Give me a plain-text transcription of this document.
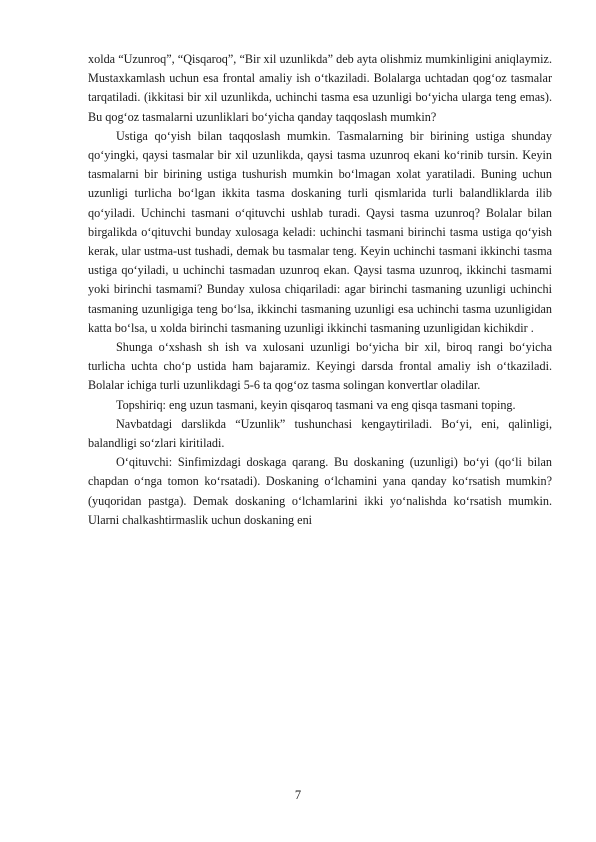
xolda “Uzunroq”, “Qisqaroq”, “Bir xil uzunlikda” deb ayta olishmiz mumkinligini aniqlaymiz. Mustaxkamlash uchun esa frontal amaliy ish o‘tkaziladi. Bolalarga uchtadan qog‘oz tasmalar tarqatiladi. (ikkitasi bir xil uzunlikda, uchinchi tasma esa uzunligi bo‘yicha ularga teng emas). Bu qog‘oz tasmalarni uzunliklari bo‘yicha qanday taqqoslash mumkin?

Ustiga qo‘yish bilan taqqoslash mumkin. Tasmalarning bir birining ustiga shunday qo‘yingki, qaysi tasmalar bir xil uzunlikda, qaysi tasma uzunroq ekani ko‘rinib tursin. Keyin tasmalarni bir birining ustiga tushurish mumkin bo‘lmagan xolat yaratiladi. Buning uchun uzunligi turlicha bo‘lgan ikkita tasma doskaning turli qismlarida turli balandliklarda ilib qo‘yiladi. Uchinchi tasmani o‘qituvchi ushlab turadi. Qaysi tasma uzunroq? Bolalar bilan birgalikda o‘qituvchi bunday xulosaga keladi: uchinchi tasmani birinchi tasma ustiga qo‘yish kerak, ular ustma-ust tushadi, demak bu tasmalar teng. Keyin uchinchi tasmani ikkinchi tasma ustiga qo‘yiladi, u uchinchi tasmadan uzunroq ekan. Qaysi tasma uzunroq, ikkinchi tasmami yoki birinchi tasmami? Bunday xulosa chiqariladi: agar birinchi tasmaning uzunligi uchinchi tasmaning uzunligiga teng bo‘lsa, ikkinchi tasmaning uzunligi esa uchinchi tasma uzunligidan katta bo‘lsa, u xolda birinchi tasmaning uzunligi ikkinchi tasmaning uzunligidan kichikdir .

Shunga o‘xshash sh ish va xulosani uzunligi bo‘yicha bir xil, biroq rangi bo‘yicha turlicha uchta cho‘p ustida ham bajaramiz. Keyingi darsda frontal amaliy ish o‘tkaziladi. Bolalar ichiga turli uzunlikdagi 5-6 ta qog‘oz tasma solingan konvertlar oladilar.

Topshiriq: eng uzun tasmani, keyin qisqaroq tasmani va eng qisqa tasmani toping.

Navbatdagi darslikda “Uzunlik” tushunchasi kengaytiriladi. Bo‘yi, eni, qalinligi, balandligi so‘zlari kiritiladi.

O‘qituvchi: Sinfimizdagi doskaga qarang. Bu doskaning (uzunligi) bo‘yi (qo‘li bilan chapdan o‘nga tomon ko‘rsatadi). Doskaning o‘lchamini yana qanday ko‘rsatish mumkin? (yuqoridan pastga). Demak doskaning o‘lchamlarini ikki yo‘nalishda ko‘rsatish mumkin. Ularni chalkashtirmaslik uchun doskaning eni

7
